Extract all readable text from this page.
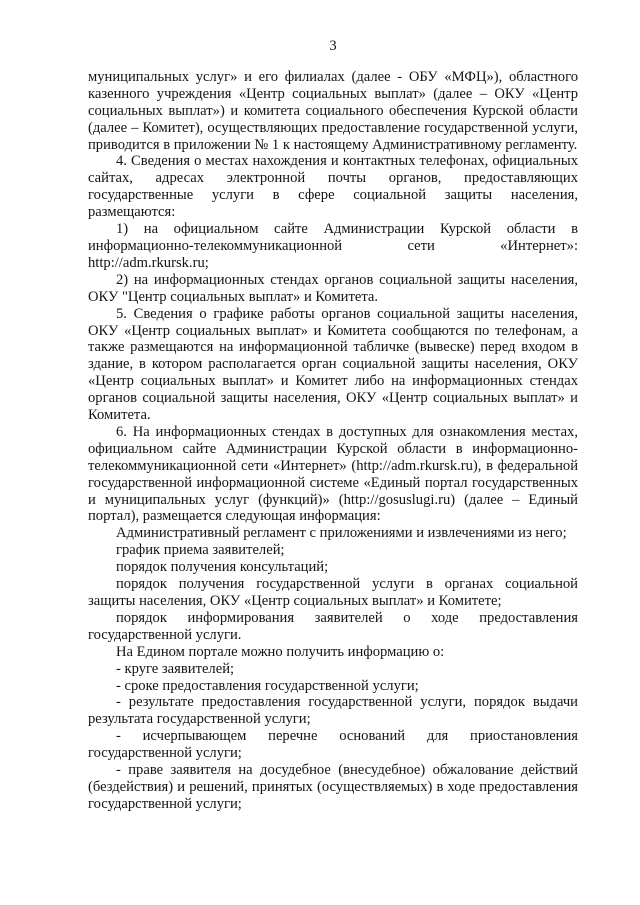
3

муниципальных услуг» и его филиалах (далее - ОБУ «МФЦ»), областного казенного учреждения «Центр социальных выплат» (далее – ОКУ «Центр социальных выплат») и комитета социального обеспечения Курской области (далее – Комитет), осуществляющих предоставление государственной услуги, приводится в приложении № 1 к настоящему Административному регламенту.

4. Сведения о местах нахождения и контактных телефонах, официальных сайтах, адресах электронной почты органов, предоставляющих государственные услуги в сфере социальной защиты населения, размещаются:

1) на официальном сайте Администрации Курской области в информационно-телекоммуникационной сети «Интернет»: http://adm.rkursk.ru;

2) на информационных стендах органов социальной защиты населения, ОКУ "Центр социальных выплат» и Комитета.

5. Сведения о графике работы органов социальной защиты населения, ОКУ «Центр социальных выплат» и Комитета сообщаются по телефонам, а также размещаются на информационной табличке (вывеске) перед входом в здание, в котором располагается орган социальной защиты населения, ОКУ «Центр социальных выплат» и Комитет либо на информационных стендах органов социальной защиты населения, ОКУ «Центр социальных выплат» и Комитета.

6. На информационных стендах в доступных для ознакомления местах, официальном сайте Администрации Курской области в информационно-телекоммуникационной сети «Интернет» (http://adm.rkursk.ru), в федеральной государственной информационной системе «Единый портал государственных и муниципальных услуг (функций)» (http://gosuslugi.ru) (далее – Единый портал), размещается следующая информация:

Административный регламент с приложениями и извлечениями из него;

график приема заявителей;

порядок получения консультаций;

порядок получения государственной услуги в органах социальной защиты населения, ОКУ «Центр социальных выплат» и Комитете;

порядок информирования заявителей о ходе предоставления государственной услуги.

На Едином портале можно получить информацию о:

- круге заявителей;

- сроке предоставления государственной услуги;

- результате предоставления государственной услуги, порядок выдачи результата государственной услуги;

- исчерпывающем перечне оснований для приостановления государственной услуги;

- праве заявителя на досудебное (внесудебное) обжалование действий (бездействия) и решений, принятых (осуществляемых) в ходе предоставления государственной услуги;
